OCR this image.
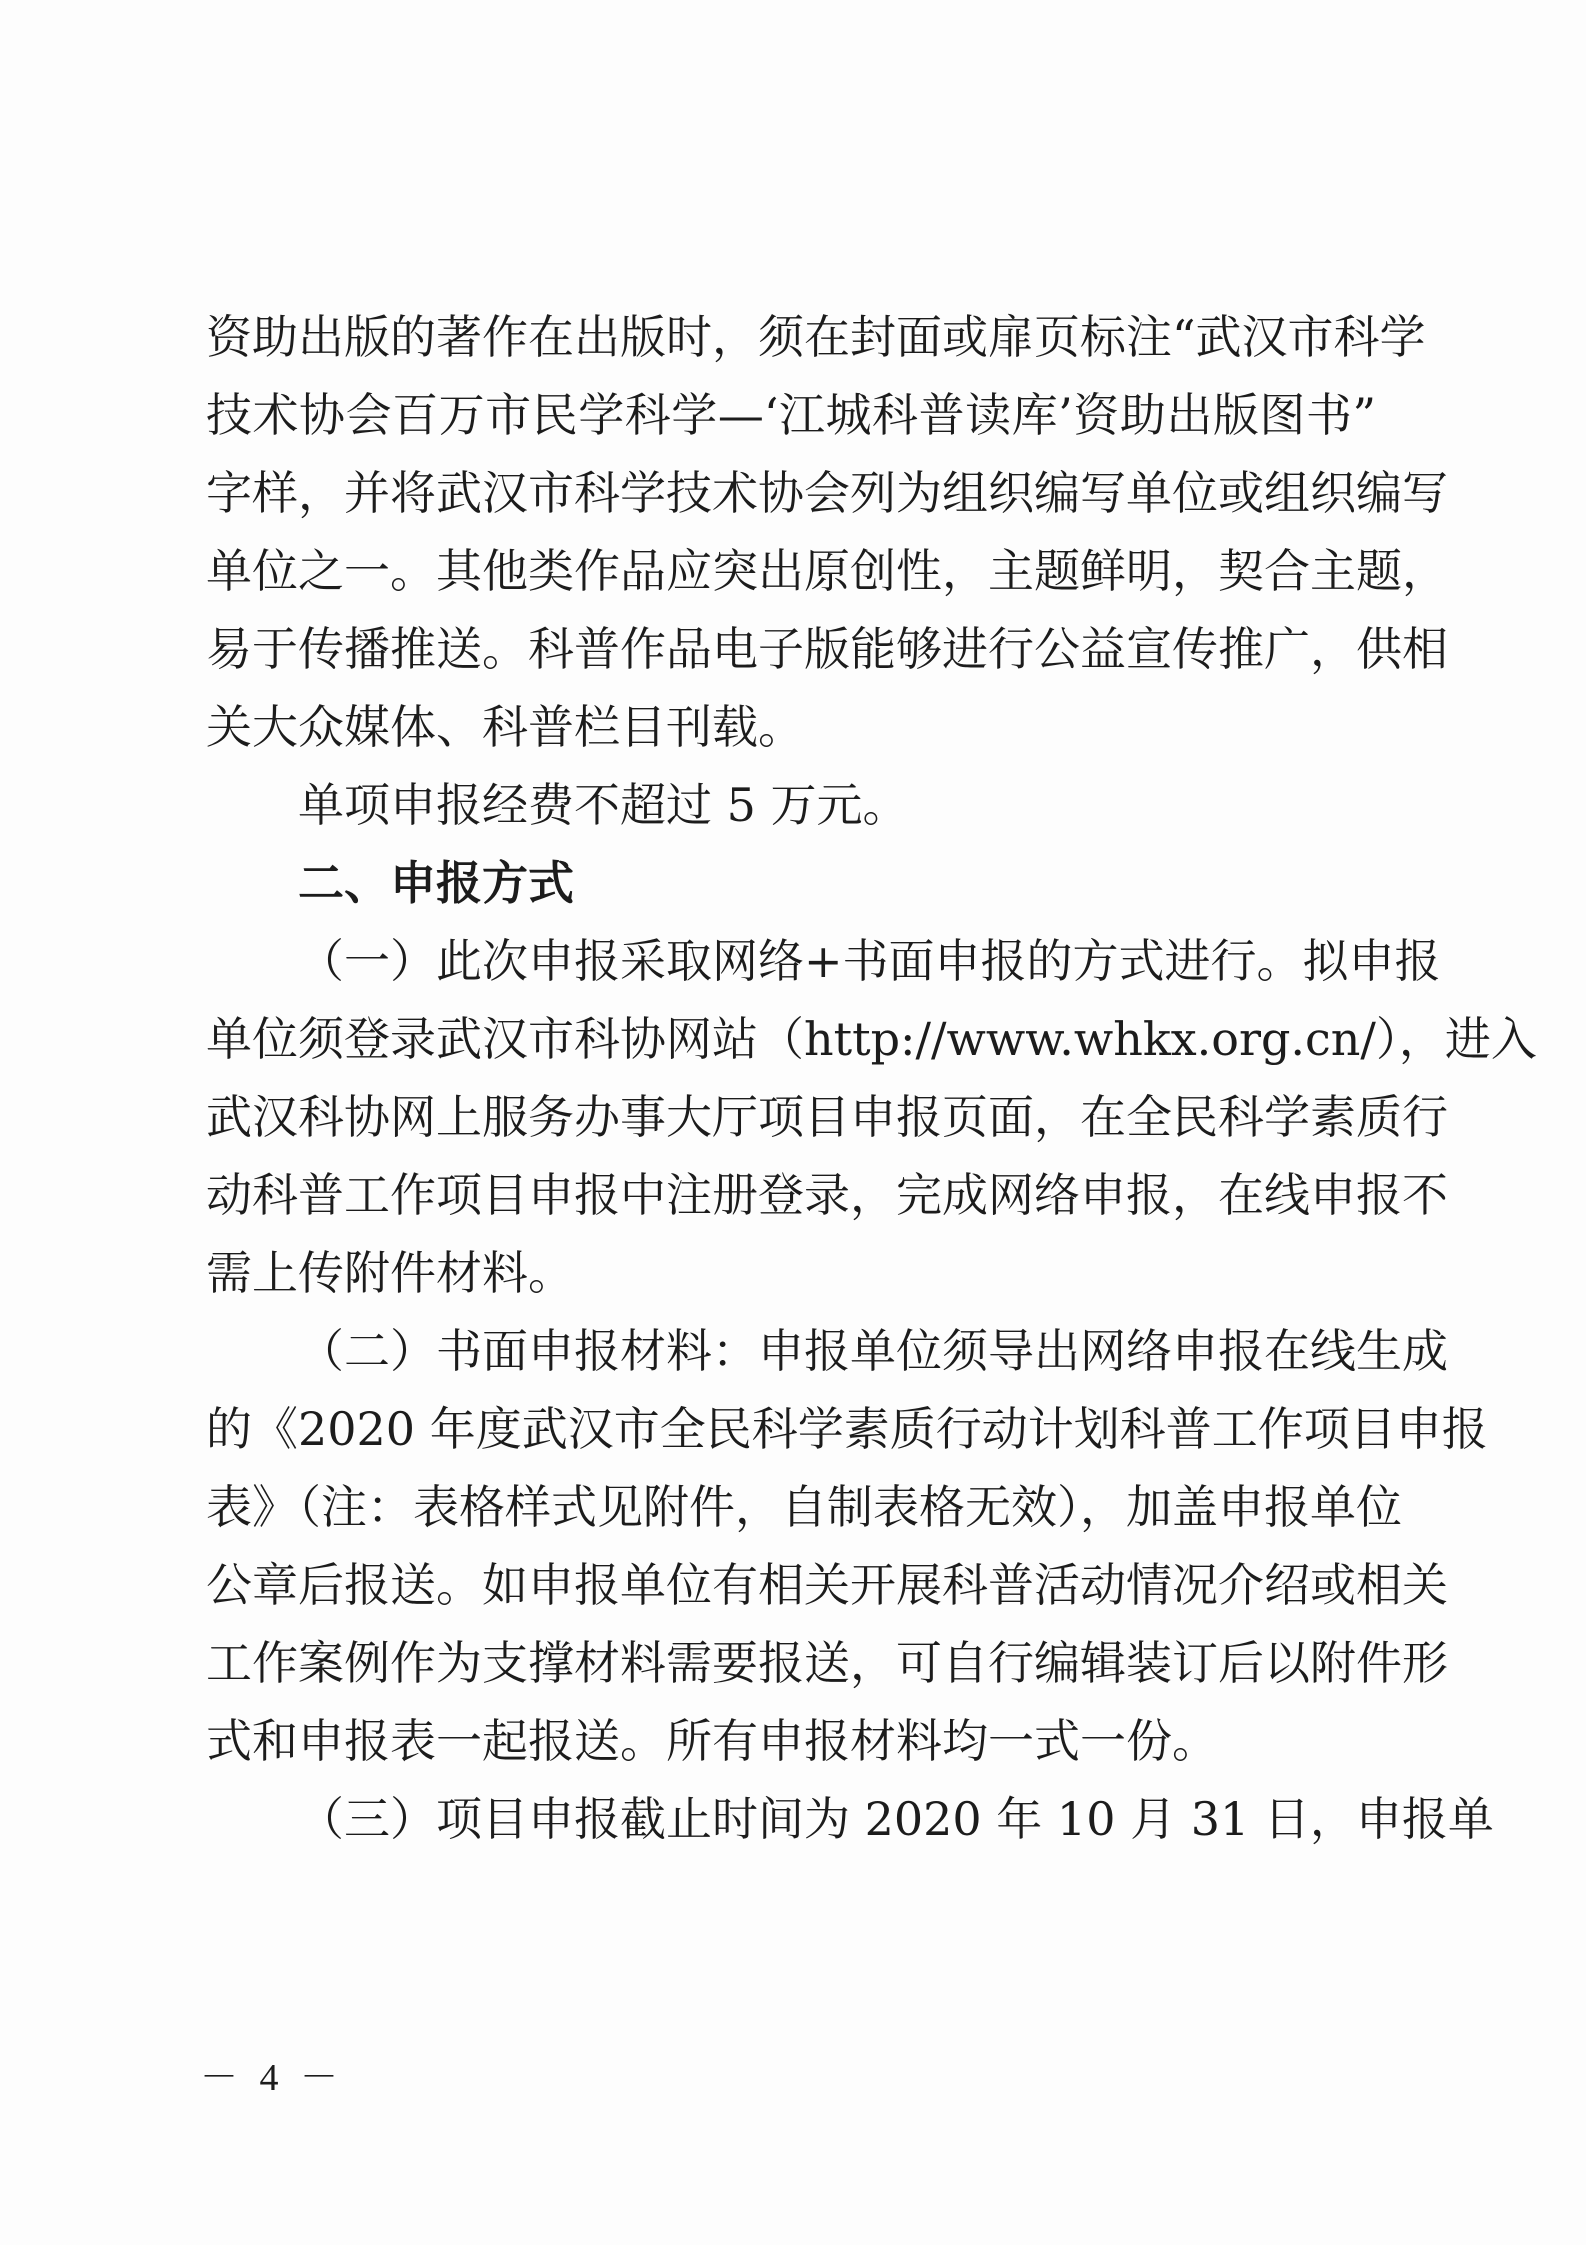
资助出版的著作在出版时，须在封面或扉页标注“武汉市科学
技术协会百万市民学科学—‘江城科普读库’资助出版图书”
字样，并将武汉市科学技术协会列为组织编写单位或组织编写
单位之一。其他类作品应突出原创性，主题鲜明，契合主题，
易于传播推送。科普作品电子版能够进行公益宣传推广，供相
关大众媒体、科普栏目刊载。
单项申报经费不超过 5 万元。
二、申报方式
（一）此次申报采取网络+书面申报的方式进行。拟申报
单位须登录武汉市科协网站（http://www.whkx.org.cn/），进入
武汉科协网上服务办事大厅项目申报页面，在全民科学素质行
动科普工作项目申报中注册登录，完成网络申报，在线申报不
需上传附件材料。
（二）书面申报材料：申报单位须导出网络申报在线生成
的《2020 年度武汉市全民科学素质行动计划科普工作项目申报
表》（注：表格样式见附件，自制表格无效），加盖申报单位
公章后报送。如申报单位有相关开展科普活动情况介绍或相关
工作案例作为支撑材料需要报送，可自行编辑装订后以附件形
式和申报表一起报送。所有申报材料均一式一份。
（三）项目申报截止时间为 2020 年 10 月 31 日，申报单
－ 4 －
